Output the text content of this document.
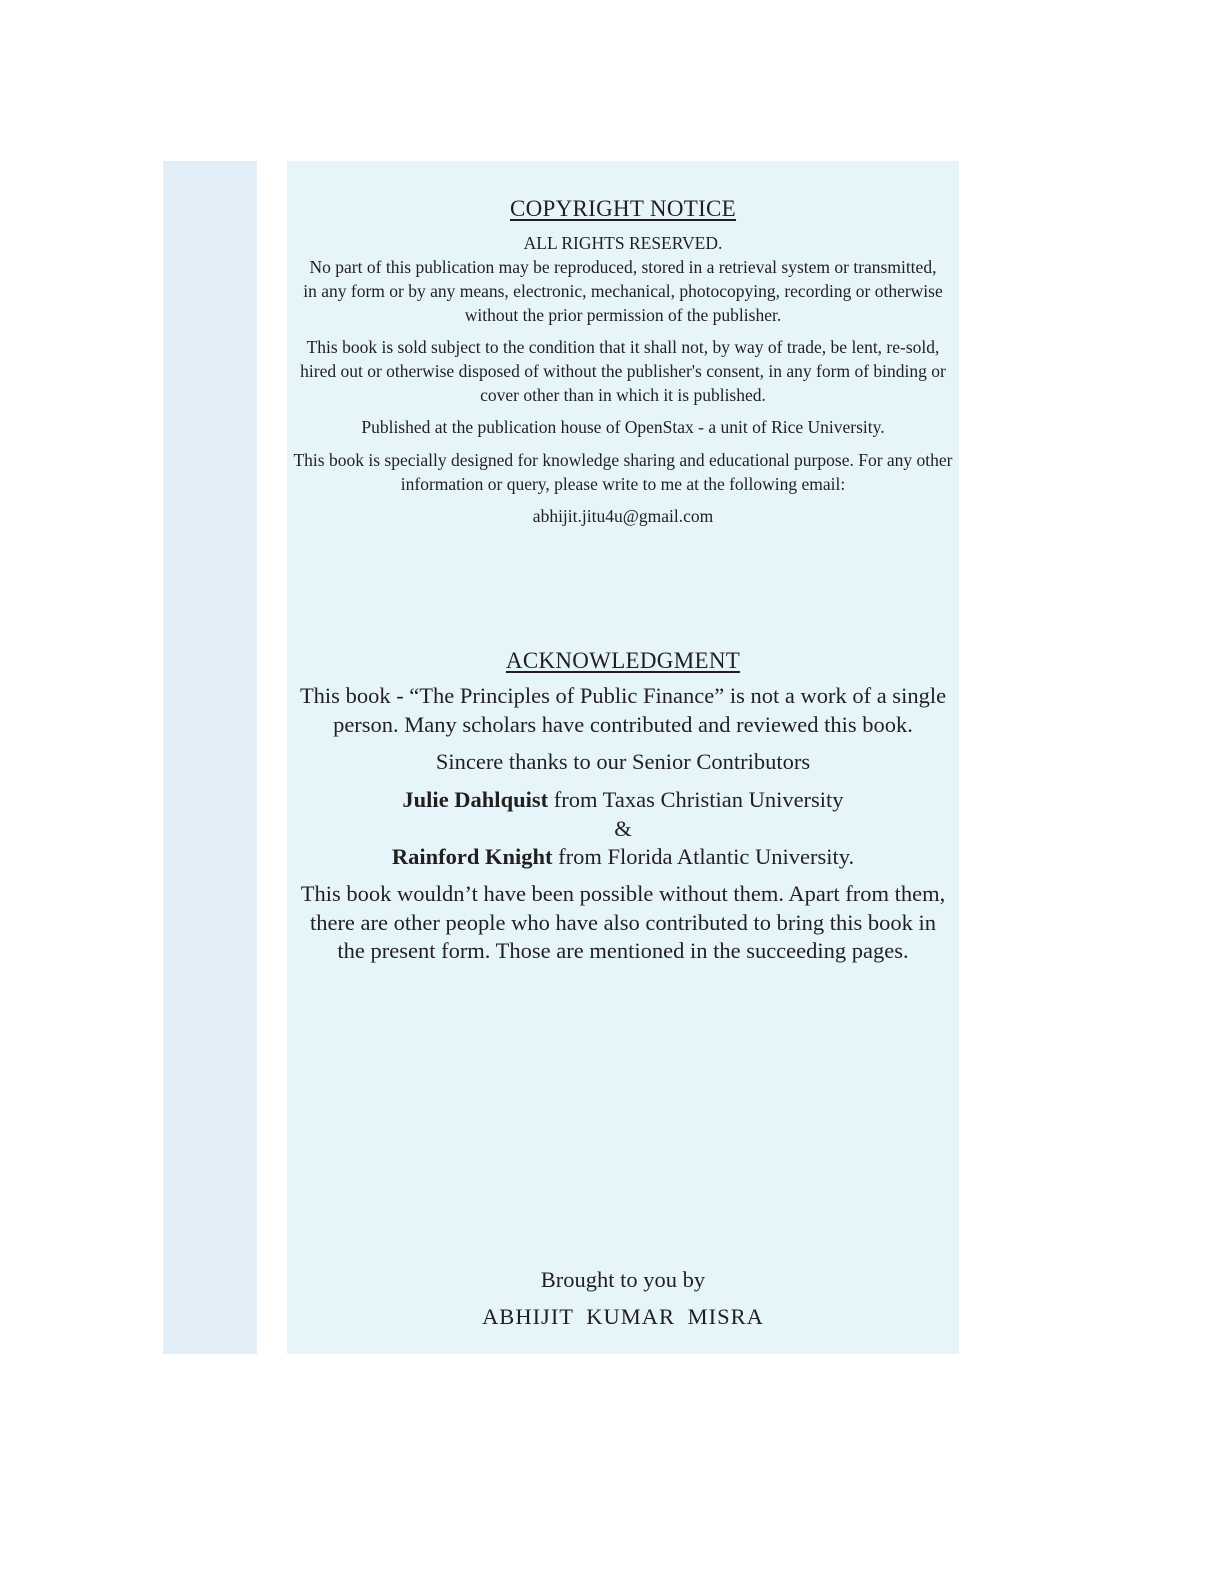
COPYRIGHT NOTICE
ALL RIGHTS RESERVED.
No part of this publication may be reproduced, stored in a retrieval system or transmitted, in any form or by any means, electronic, mechanical, photocopying, recording or otherwise without the prior permission of the publisher.
This book is sold subject to the condition that it shall not, by way of trade, be lent, re-sold, hired out or otherwise disposed of without the publisher's consent, in any form of binding or cover other than in which it is published.
Published at the publication house of OpenStax - a unit of Rice University.
This book is specially designed for knowledge sharing and educational purpose. For any other information or query, please write to me at the following email:
abhijit.jitu4u@gmail.com
ACKNOWLEDGMENT
This book - “The Principles of Public Finance” is not a work of a single person. Many scholars have contributed and reviewed this book.
Sincere thanks to our Senior Contributors
Julie Dahlquist from Taxas Christian University
&
Rainford Knight from Florida Atlantic University.
This book wouldn’t have been possible without them. Apart from them, there are other people who have also contributed to bring this book in the present form. Those are mentioned in the succeeding pages.
Brought to you by
ABHIJIT KUMAR MISRA
